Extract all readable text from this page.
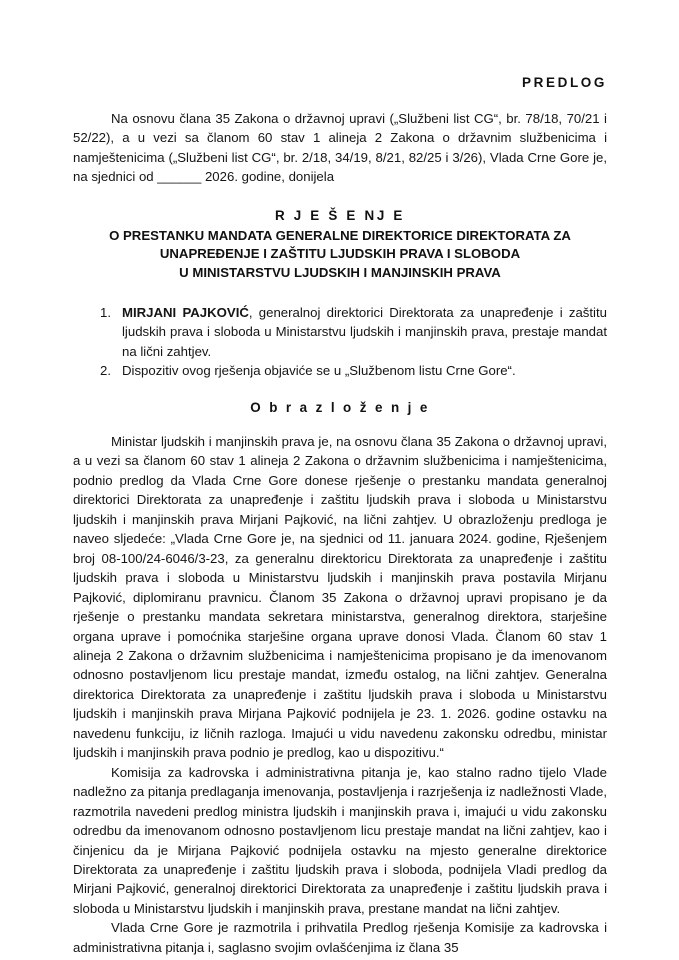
PREDLOG
Na osnovu člana 35 Zakona o državnoj upravi („Službeni list CG“, br. 78/18, 70/21 i 52/22), a u vezi sa članom 60 stav 1 alineja 2 Zakona o državnim službenicima i namještenicima („Službeni list CG“, br. 2/18, 34/19, 8/21, 82/25 i 3/26), Vlada Crne Gore je, na sjednici od ______ 2026. godine, donijela
R J E Š E NJ E
O PRESTANKU MANDATA GENERALNE DIREKTORICE DIREKTORATA ZA
UNAPREĐENJE I ZAŠTITU LJUDSKIH PRAVA I SLOBODA
U MINISTARSTVU LJUDSKIH I MANJINSKIH PRAVA
1. MIRJANI PAJKOVIĆ, generalnoj direktorici Direktorata za unapređenje i zaštitu ljudskih prava i sloboda u Ministarstvu ljudskih i manjinskih prava, prestaje mandat na lični zahtjev.
2. Dispozitiv ovog rješenja objaviće se u „Službenom listu Crne Gore“.
O b r a z l o ž e n j e

Ministar ljudskih i manjinskih prava je, na osnovu člana 35 Zakona o državnoj upravi, a u vezi sa članom 60 stav 1 alineja 2 Zakona o državnim službenicima i namještenicima, podnio predlog da Vlada Crne Gore donese rješenje o prestanku mandata generalnoj direktorici Direktorata za unapređenje i zaštitu ljudskih prava i sloboda u Ministarstvu ljudskih i manjinskih prava Mirjani Pajković, na lični zahtjev. U obrazloženju predloga je naveo sljedeće: „Vlada Crne Gore je, na sjednici od 11. januara 2024. godine, Rješenjem broj 08-100/24-6046/3-23, za generalnu direktoricu Direktorata za unapređenje i zaštitu ljudskih prava i sloboda u Ministarstvu ljudskih i manjinskih prava postavila Mirjanu Pajković, diplomiranu pravnicu. Članom 35 Zakona o državnoj upravi propisano je da rješenje o prestanku mandata sekretara ministarstva, generalnog direktora, starješine organa uprave i pomoćnika starješine organa uprave donosi Vlada. Članom 60 stav 1 alineja 2 Zakona o državnim službenicima i namještenicima propisano je da imenovanom odnosno postavljenom licu prestaje mandat, između ostalog, na lični zahtjev. Generalna direktorica Direktorata za unapređenje i zaštitu ljudskih prava i sloboda u Ministarstvu ljudskih i manjinskih prava Mirjana Pajković podnijela je 23. 1. 2026. godine ostavku na navedenu funkciju, iz ličnih razloga. Imajući u vidu navedenu zakonsku odredbu, ministar ljudskih i manjinskih prava podnio je predlog, kao u dispozitivu.“

Komisija za kadrovska i administrativna pitanja je, kao stalno radno tijelo Vlade nadležno za pitanja predlaganja imenovanja, postavljenja i razrješenja iz nadležnosti Vlade, razmotrila navedeni predlog ministra ljudskih i manjinskih prava i, imajući u vidu zakonsku odredbu da imenovanom odnosno postavljenom licu prestaje mandat na lični zahtjev, kao i činjenicu da je Mirjana Pajković podnijela ostavku na mjesto generalne direktorice Direktorata za unapređenje i zaštitu ljudskih prava i sloboda, podnijela Vladi predlog da Mirjani Pajković, generalnoj direktorici Direktorata za unapređenje i zaštitu ljudskih prava i sloboda u Ministarstvu ljudskih i manjinskih prava, prestane mandat na lični zahtjev.

Vlada Crne Gore je razmotrila i prihvatila Predlog rješenja Komisije za kadrovska i administrativna pitanja i, saglasno svojim ovlašćenjima iz člana 35
